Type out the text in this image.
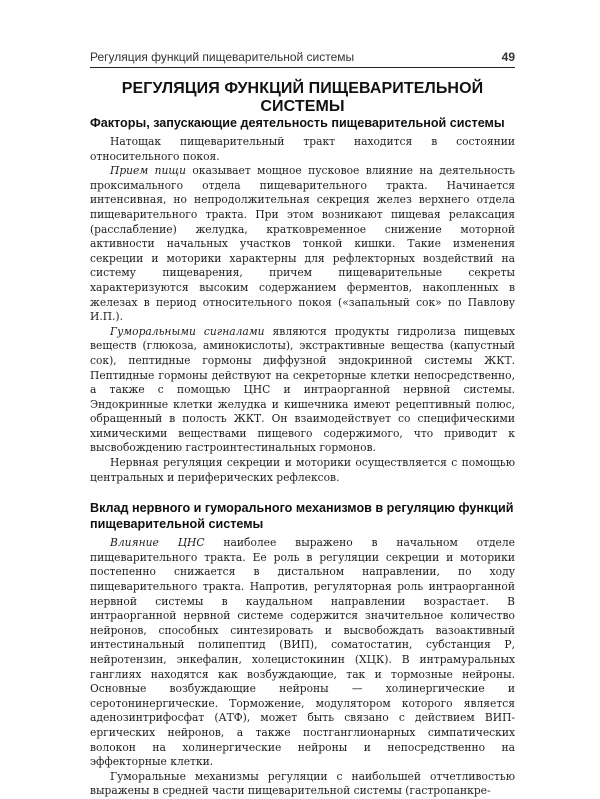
Регуляция функций пищеварительной системы	49
РЕГУЛЯЦИЯ ФУНКЦИЙ ПИЩЕВАРИТЕЛЬНОЙ СИСТЕМЫ
Факторы, запускающие деятельность пищеварительной системы

Натощак пищеварительный тракт находится в состоянии относительного покоя.

Прием пищи оказывает мощное пусковое влияние на деятельность проксимального отдела пищеварительного тракта. Начинается интенсивная, но непродолжительная секреция желез верхнего отдела пищеварительного тракта. При этом возникают пищевая релаксация (расслабление) желудка, кратковременное снижение моторной активности начальных участков тонкой кишки. Такие изменения секреции и моторики характерны для рефлекторных воздействий на систему пищеварения, причем пищеварительные секреты характеризуются высоким содержанием ферментов, накопленных в железах в период относительного покоя («запальный сок» по Павлову И.П.).

Гуморальными сигналами являются продукты гидролиза пищевых веществ (глюкоза, аминокислоты), экстрактивные вещества (капустный сок), пептидные гормоны диффузной эндокринной системы ЖКТ. Пептидные гормоны действуют на секреторные клетки непосредственно, а также с помощью ЦНС и интраорганной нервной системы. Эндокринные клетки желудка и кишечника имеют рецептивный полюс, обращенный в полость ЖКТ. Он взаимодействует со специфическими химическими веществами пищевого содержимого, что приводит к высвобождению гастроинтестинальных гормонов.

Нервная регуляция секреции и моторики осуществляется с помощью центральных и периферических рефлексов.

Вклад нервного и гуморального механизмов в регуляцию функций пищеварительной системы

Влияние ЦНС наиболее выражено в начальном отделе пищеварительного тракта. Ее роль в регуляции секреции и моторики постепенно снижается в дистальном направлении, по ходу пищеварительного тракта. Напротив, регуляторная роль интраорганной нервной системы в каудальном направлении возрастает. В интраорганной нервной системе содержится значительное количество нейронов, способных синтезировать и высвобождать вазоактивный интестинальный полипептид (ВИП), соматостатин, субстанция Р, нейротензин, энкефалин, холецистокинин (ХЦК). В интрамуральных ганглиях находятся как возбуждающие, так и тормозные нейроны. Основные возбуждающие нейроны — холинергические и серотонинергические. Торможение, модулятором которого является аденозинтрифосфат (АТФ), может быть связано с действием ВИП-ергических нейронов, а также постганглионарных симпатических волокон на холинергические нейроны и непосредственно на эффекторные клетки.

Гуморальные механизмы регуляции с наибольшей отчетливостью выражены в средней части пищеварительной системы (гастропанкре-
